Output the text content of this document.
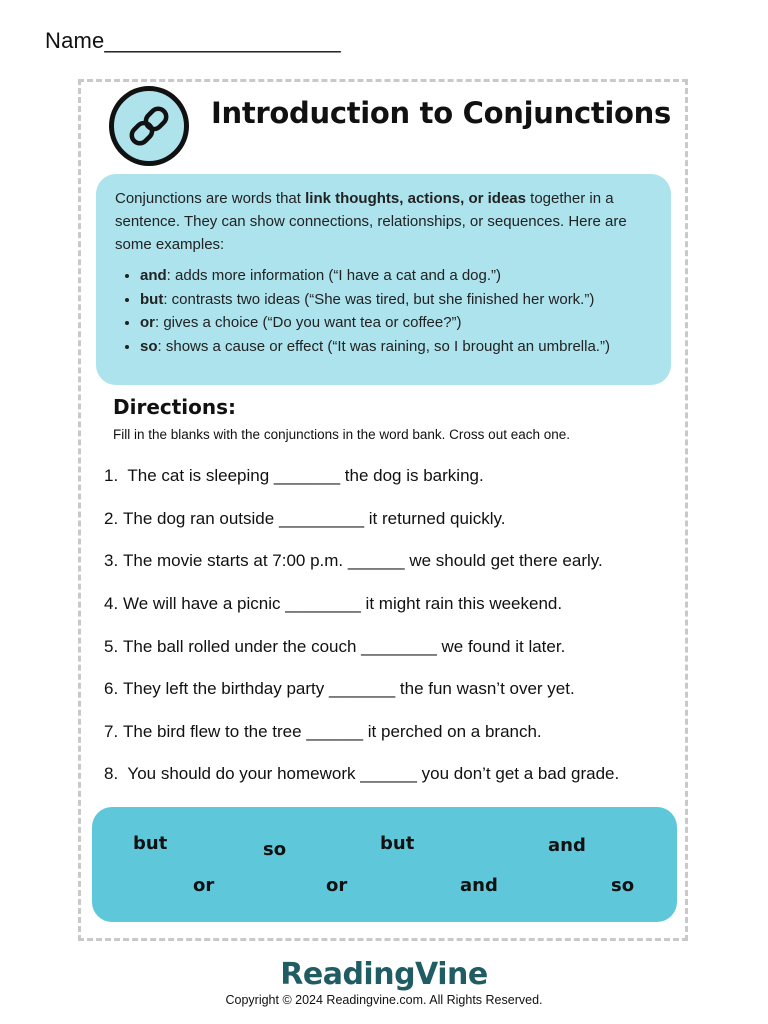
Name___________________
Introduction to Conjunctions

Conjunctions are words that link thoughts, actions, or ideas together in a sentence. They can show connections, relationships, or sequences. Here are some examples:

• and: adds more information (“I have a cat and a dog.”)
• but: contrasts two ideas (“She was tired, but she finished her work.”)
• or: gives a choice (“Do you want tea or coffee?”)
• so: shows a cause or effect (“It was raining, so I brought an umbrella.”)
Directions:
Fill in the blanks with the conjunctions in the word bank. Cross out each one.
1. The cat is sleeping _______ the dog is barking.
2. The dog ran outside _________ it returned quickly.
3. The movie starts at 7:00 p.m. ______ we should get there early.
4. We will have a picnic ________ it might rain this weekend.
5. The ball rolled under the couch ________ we found it later.
6. They left the birthday party _______ the fun wasn’t over yet.
7. The bird flew to the tree ______ it perched on a branch.
8. You should do your homework ______ you don’t get a bad grade.
but	so	but	and
or	or	and	so
ReadingVine
Copyright © 2024 Readingvine.com. All Rights Reserved.
